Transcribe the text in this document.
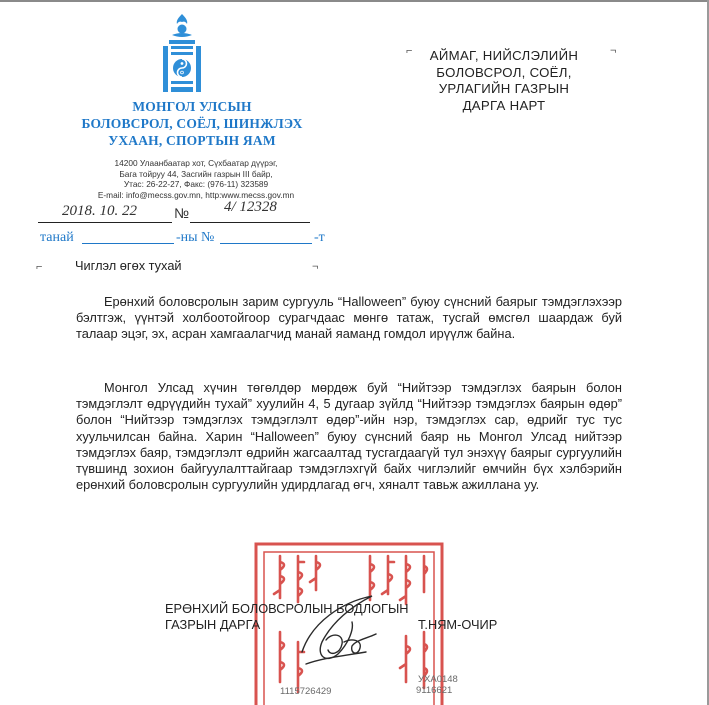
МОНГОЛ УЛСЫН
БОЛОВСРОЛ, СОЁЛ, ШИНЖЛЭХ
УХААН, СПОРТЫН ЯАМ
14200 Улаанбаатар хот, Сүхбаатар дүүрэг,
Бага тойруу 44, Засгийн газрын III байр,
Утас: 26-22-27, Факс: (976-11) 323589
E-mail: info@mecss.gov.mn, http:www.mecss.gov.mn
2018. 10. 22	№ 4/ 12328
танай	-ны №	-т
⌐	¬
АЙМАГ, НИЙСЛЭЛИЙН
БОЛОВСРОЛ, СОЁЛ,
УРЛАГИЙН ГАЗРЫН
ДАРГА НАРТ
⌐	¬
Чиглэл өгөх тухай
Ерөнхий боловсролын зарим сургууль “Halloween” буюу сүнсний баярыг тэмдэглэхээр бэлтгэж, үүнтэй холбоотойгоор сурагчдаас мөнгө татаж, тусгай өмсгөл шаардаж буй талаар эцэг, эх, асран хамгаалагчид манай яаманд гомдол ирүүлж байна.
Монгол Улсад хүчин төгөлдөр мөрдөж буй “Нийтээр тэмдэглэх баярын болон тэмдэглэлт өдрүүдийн тухай” хуулийн 4, 5 дугаар зүйлд “Нийтээр тэмдэглэх баярын өдөр” болон “Нийтээр тэмдэглэх тэмдэглэлт өдөр”-ийн нэр, тэмдэглэх сар, өдрийг тус тус хуульчилсан байна. Харин “Halloween” буюу сүнсний баяр нь Монгол Улсад нийтээр тэмдэглэх баяр, тэмдэглэлт өдрийн жагсаалтад тусгагдаагүй тул энэхүү баярыг сургуулийн түвшинд зохион байгуулалттайгаар тэмдэглэхгүй байх чиглэлийг өмчийн бүх хэлбэрийн ерөнхий боловсролын сургуулийн удирдлагад өгч, хяналт тавьж ажиллана уу.
ЕРӨНХИЙ БОЛОВСРОЛЫН БОДЛОГЫН
ГАЗРЫН ДАРГА	Т.НЯМ-ОЧИР
УХА0148
9116621
1115726429
